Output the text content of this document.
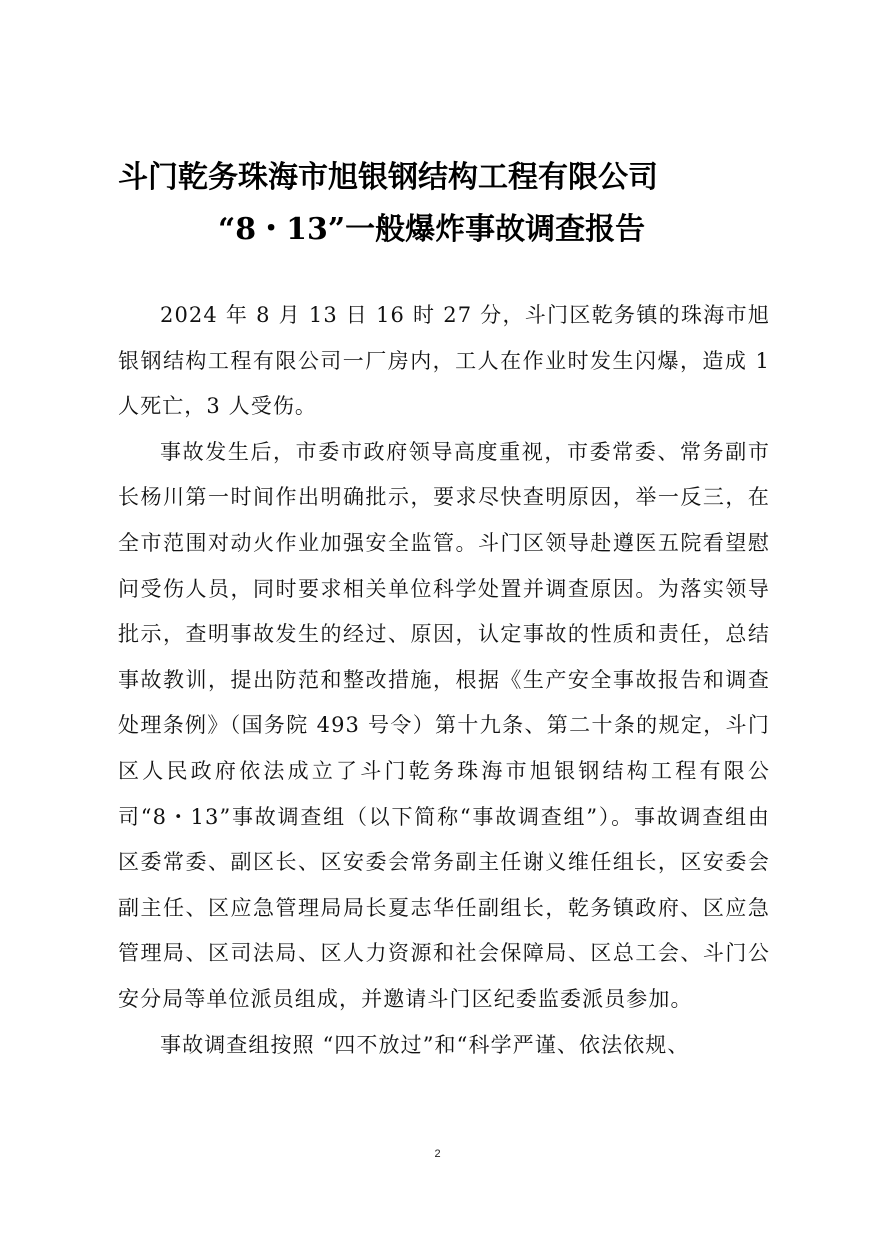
斗门乾务珠海市旭银钢结构工程有限公司
“8・13”一般爆炸事故调查报告

2024 年 8 月 13 日 16 时 27 分，斗门区乾务镇的珠海市旭银钢结构工程有限公司一厂房内，工人在作业时发生闪爆，造成 1 人死亡，3 人受伤。

事故发生后，市委市政府领导高度重视，市委常委、常务副市长杨川第一时间作出明确批示，要求尽快查明原因，举一反三，在全市范围对动火作业加强安全监管。斗门区领导赴遵医五院看望慰问受伤人员，同时要求相关单位科学处置并调查原因。为落实领导批示，查明事故发生的经过、原因，认定事故的性质和责任，总结事故教训，提出防范和整改措施，根据《生产安全事故报告和调查处理条例》（国务院 493 号令）第十九条、第二十条的规定，斗门区人民政府依法成立了斗门乾务珠海市旭银钢结构工程有限公司“8・13”事故调查组（以下简称“事故调查组”）。事故调查组由区委常委、副区长、区安委会常务副主任谢义维任组长，区安委会副主任、区应急管理局局长夏志华任副组长，乾务镇政府、区应急管理局、区司法局、区人力资源和社会保障局、区总工会、斗门公安分局等单位派员组成，并邀请斗门区纪委监委派员参加。

事故调查组按照 “四不放过”和“科学严谨、依法依规、

2
